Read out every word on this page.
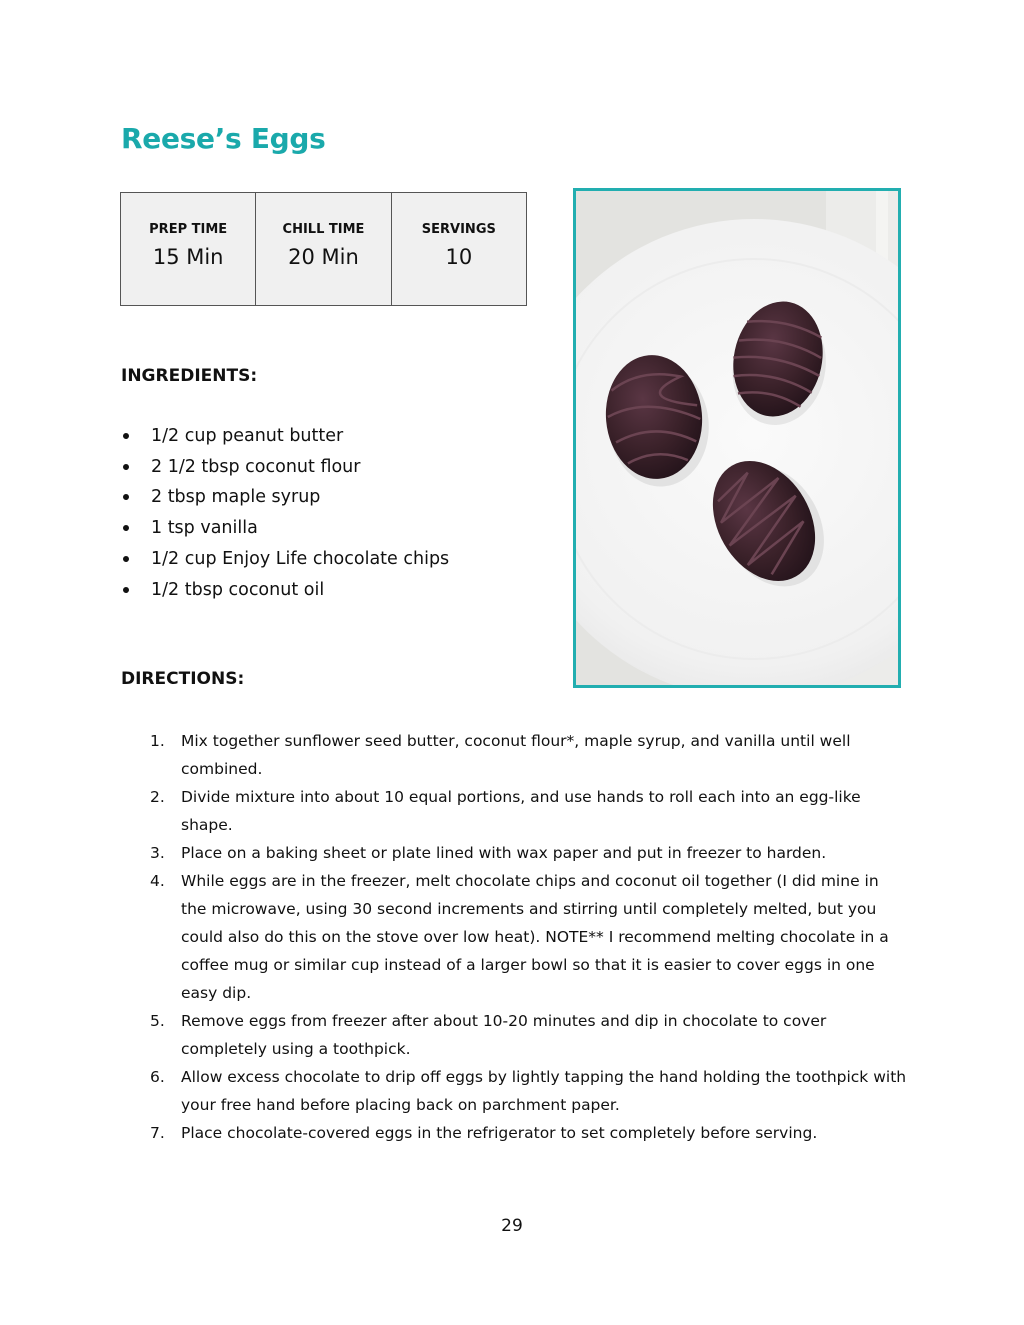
Reese’s Eggs
PREP TIME
15 Min
CHILL TIME
20 Min
SERVINGS
10
INGREDIENTS:
1/2 cup peanut butter
2 1/2 tbsp coconut flour
2 tbsp maple syrup
1 tsp vanilla
1/2 cup Enjoy Life chocolate chips
1/2 tbsp coconut oil
DIRECTIONS:
1. Mix together sunflower seed butter, coconut flour*, maple syrup, and vanilla until well combined.
2. Divide mixture into about 10 equal portions, and use hands to roll each into an egg-like shape.
3. Place on a baking sheet or plate lined with wax paper and put in freezer to harden.
4. While eggs are in the freezer, melt chocolate chips and coconut oil together (I did mine in the microwave, using 30 second increments and stirring until completely melted, but you could also do this on the stove over low heat). NOTE** I recommend melting chocolate in a coffee mug or similar cup instead of a larger bowl so that it is easier to cover eggs in one easy dip.
5. Remove eggs from freezer after about 10-20 minutes and dip in chocolate to cover completely using a toothpick.
6. Allow excess chocolate to drip off eggs by lightly tapping the hand holding the toothpick with your free hand before placing back on parchment paper.
7. Place chocolate-covered eggs in the refrigerator to set completely before serving.
29
